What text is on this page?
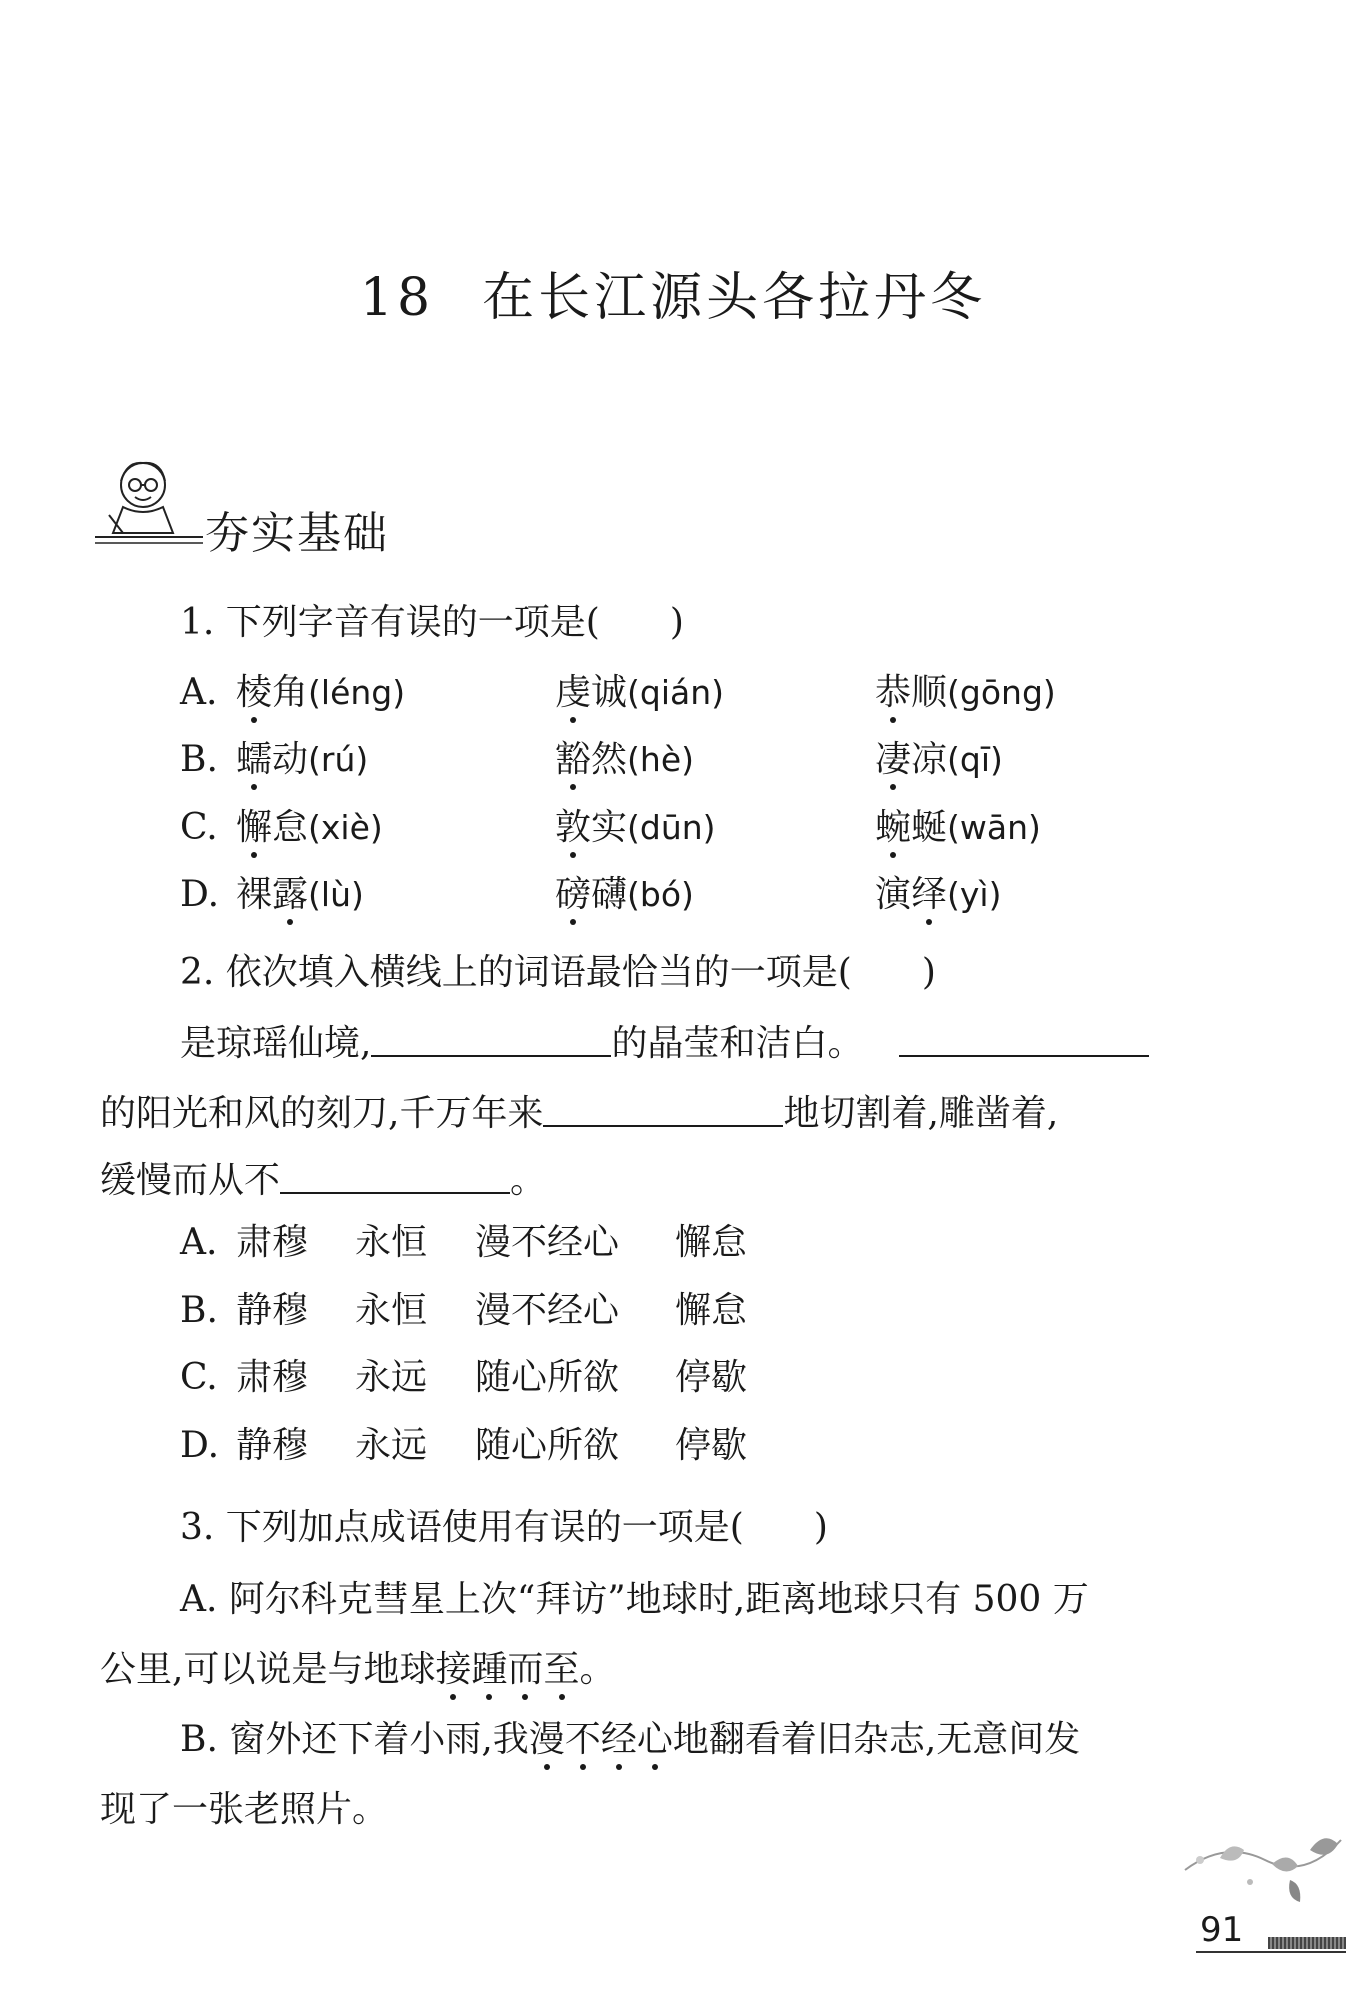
18 在长江源头各拉丹冬
夯实基础
1. 下列字音有误的一项是( )
A. 棱角(léng)	虔诚(qián)	恭顺(gōng)
B. 蠕动(rú)	豁然(hè)	凄凉(qī)
C. 懈怠(xiè)	敦实(dūn)	蜿蜒(wān)
D. 裸露(lù)	磅礴(bó)	演绎(yì)
2. 依次填入横线上的词语最恰当的一项是( )
是琼瑶仙境,	的晶莹和洁白。
的阳光和风的刻刀,千万年来	地切割着,雕凿着,
缓慢而从不	。
A. 肃穆 永恒 漫不经心 懈怠
B. 静穆 永恒 漫不经心 懈怠
C. 肃穆 永远 随心所欲 停歇
D. 静穆 永远 随心所欲 停歇
3. 下列加点成语使用有误的一项是( )
A. 阿尔科克彗星上次“拜访”地球时,距离地球只有 500 万
公里,可以说是与地球接踵而至。
B. 窗外还下着小雨,我漫不经心地翻看着旧杂志,无意间发
现了一张老照片。
91
